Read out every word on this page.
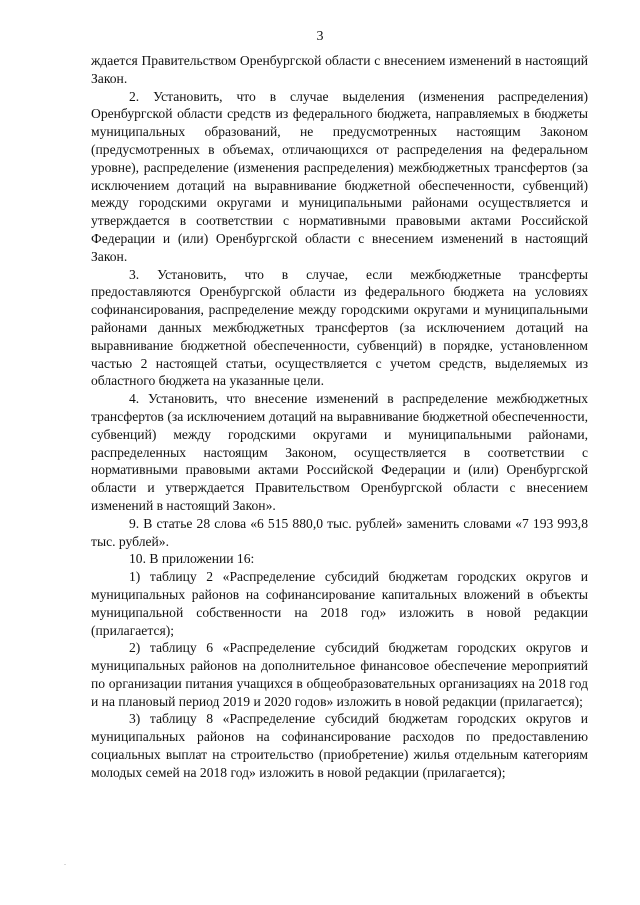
3

ждается Правительством Оренбургской области с внесением изменений в настоящий Закон.

2. Установить, что в случае выделения (изменения распределения) Оренбургской области средств из федерального бюджета, направляемых в бюджеты муниципальных образований, не предусмотренных настоящим Законом (предусмотренных в объемах, отличающихся от распределения на федеральном уровне), распределение (изменения распределения) межбюджетных трансфертов (за исключением дотаций на выравнивание бюджетной обеспеченности, субвенций) между городскими округами и муниципальными районами осуществляется и утверждается в соответствии с нормативными правовыми актами Российской Федерации и (или) Оренбургской области с внесением изменений в настоящий Закон.

3. Установить, что в случае, если межбюджетные трансферты предоставляются Оренбургской области из федерального бюджета на условиях софинансирования, распределение между городскими округами и муниципальными районами данных межбюджетных трансфертов (за исключением дотаций на выравнивание бюджетной обеспеченности, субвенций) в порядке, установленном частью 2 настоящей статьи, осуществляется с учетом средств, выделяемых из областного бюджета на указанные цели.

4. Установить, что внесение изменений в распределение межбюджетных трансфертов (за исключением дотаций на выравнивание бюджетной обеспеченности, субвенций) между городскими округами и муниципальными районами, распределенных настоящим Законом, осуществляется в соответствии с нормативными правовыми актами Российской Федерации и (или) Оренбургской области и утверждается Правительством Оренбургской области с внесением изменений в настоящий Закон».

9. В статье 28 слова «6 515 880,0 тыс. рублей» заменить словами «7 193 993,8 тыс. рублей».

10. В приложении 16:

1) таблицу 2 «Распределение субсидий бюджетам городских округов и муниципальных районов на софинансирование капитальных вложений в объекты муниципальной собственности на 2018 год» изложить в новой редакции (прилагается);

2) таблицу 6 «Распределение субсидий бюджетам городских округов и муниципальных районов на дополнительное финансовое обеспечение мероприятий по организации питания учащихся в общеобразовательных организациях на 2018 год и на плановый период 2019 и 2020 годов» изложить в новой редакции (прилагается);

3) таблицу 8 «Распределение субсидий бюджетам городских округов и муниципальных районов на софинансирование расходов по предоставлению социальных выплат на строительство (приобретение) жилья отдельным категориям молодых семей на 2018 год» изложить в новой редакции (прилагается);

.
